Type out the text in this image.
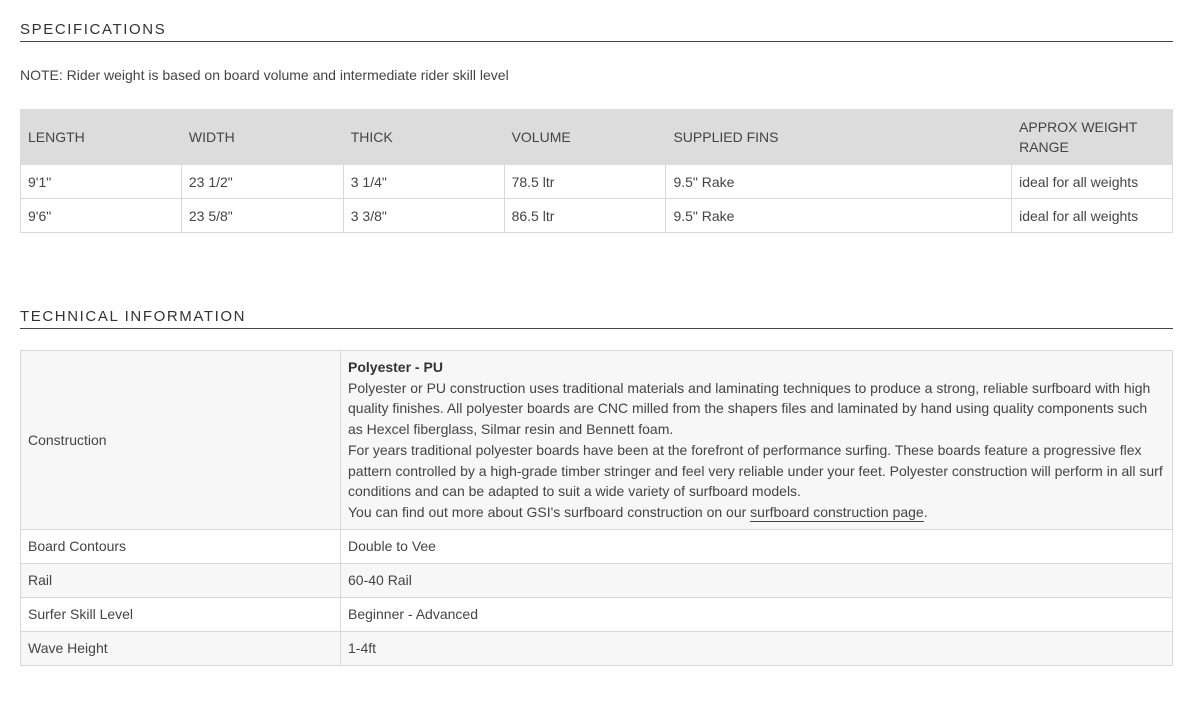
SPECIFICATIONS
NOTE: Rider weight is based on board volume and intermediate rider skill level
LENGTH	WIDTH	THICK	VOLUME	SUPPLIED FINS	APPROX WEIGHT RANGE
9'1"	23 1/2"	3 1/4"	78.5 ltr	9.5" Rake	ideal for all weights
9'6"	23 5/8"	3 3/8"	86.5 ltr	9.5" Rake	ideal for all weights
TECHNICAL INFORMATION
Construction	Polyester - PU
Polyester or PU construction uses traditional materials and laminating techniques to produce a strong, reliable surfboard with high quality finishes. All polyester boards are CNC milled from the shapers files and laminated by hand using quality components such as Hexcel fiberglass, Silmar resin and Bennett foam.
For years traditional polyester boards have been at the forefront of performance surfing. These boards feature a progressive flex pattern controlled by a high-grade timber stringer and feel very reliable under your feet. Polyester construction will perform in all surf conditions and can be adapted to suit a wide variety of surfboard models.
You can find out more about GSI's surfboard construction on our surfboard construction page.
Board Contours	Double to Vee
Rail	60-40 Rail
Surfer Skill Level	Beginner - Advanced
Wave Height	1-4ft
